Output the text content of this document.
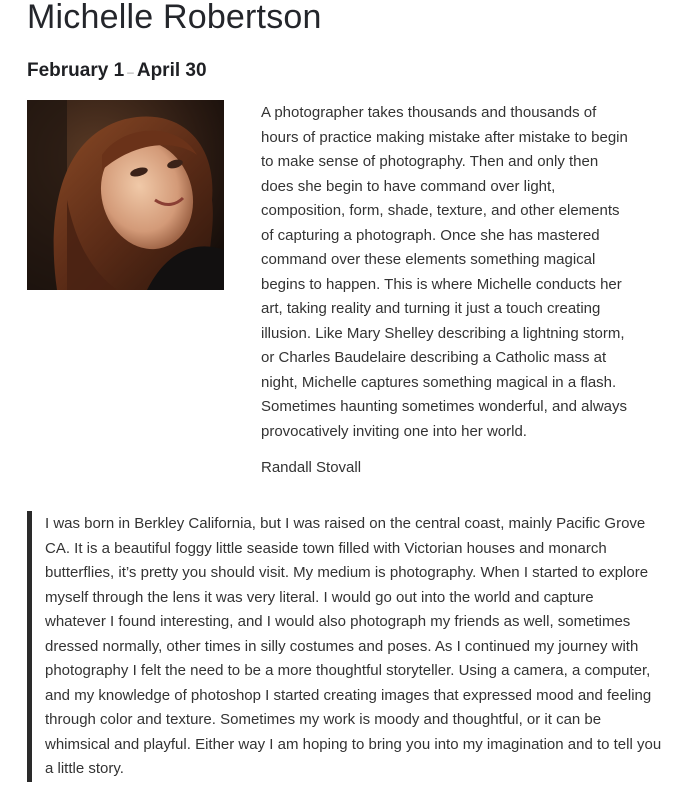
Michelle Robertson
February 1 – April 30
A photographer takes thousands and thousands of
hours of practice making mistake after mistake to begin
to make sense of photography. Then and only then
does she begin to have command over light,
composition, form, shade, texture, and other elements
of capturing a photograph. Once she has mastered
command over these elements something magical
begins to happen. This is where Michelle conducts her
art, taking reality and turning it just a touch creating
illusion. Like Mary Shelley describing a lightning storm,
or Charles Baudelaire describing a Catholic mass at
night, Michelle captures something magical in a flash.
Sometimes haunting sometimes wonderful, and always
provocatively inviting one into her world.
Randall Stovall
I was born in Berkley California, but I was raised on the central coast, mainly Pacific Grove
CA. It is a beautiful foggy little seaside town filled with Victorian houses and monarch
butterflies, it’s pretty you should visit. My medium is photography. When I started to explore
myself through the lens it was very literal. I would go out into the world and capture
whatever I found interesting, and I would also photograph my friends as well, sometimes
dressed normally, other times in silly costumes and poses. As I continued my journey with
photography I felt the need to be a more thoughtful storyteller. Using a camera, a computer,
and my knowledge of photoshop I started creating images that expressed mood and feeling
through color and texture. Sometimes my work is moody and thoughtful, or it can be
whimsical and playful. Either way I am hoping to bring you into my imagination and to tell you
a little story.
